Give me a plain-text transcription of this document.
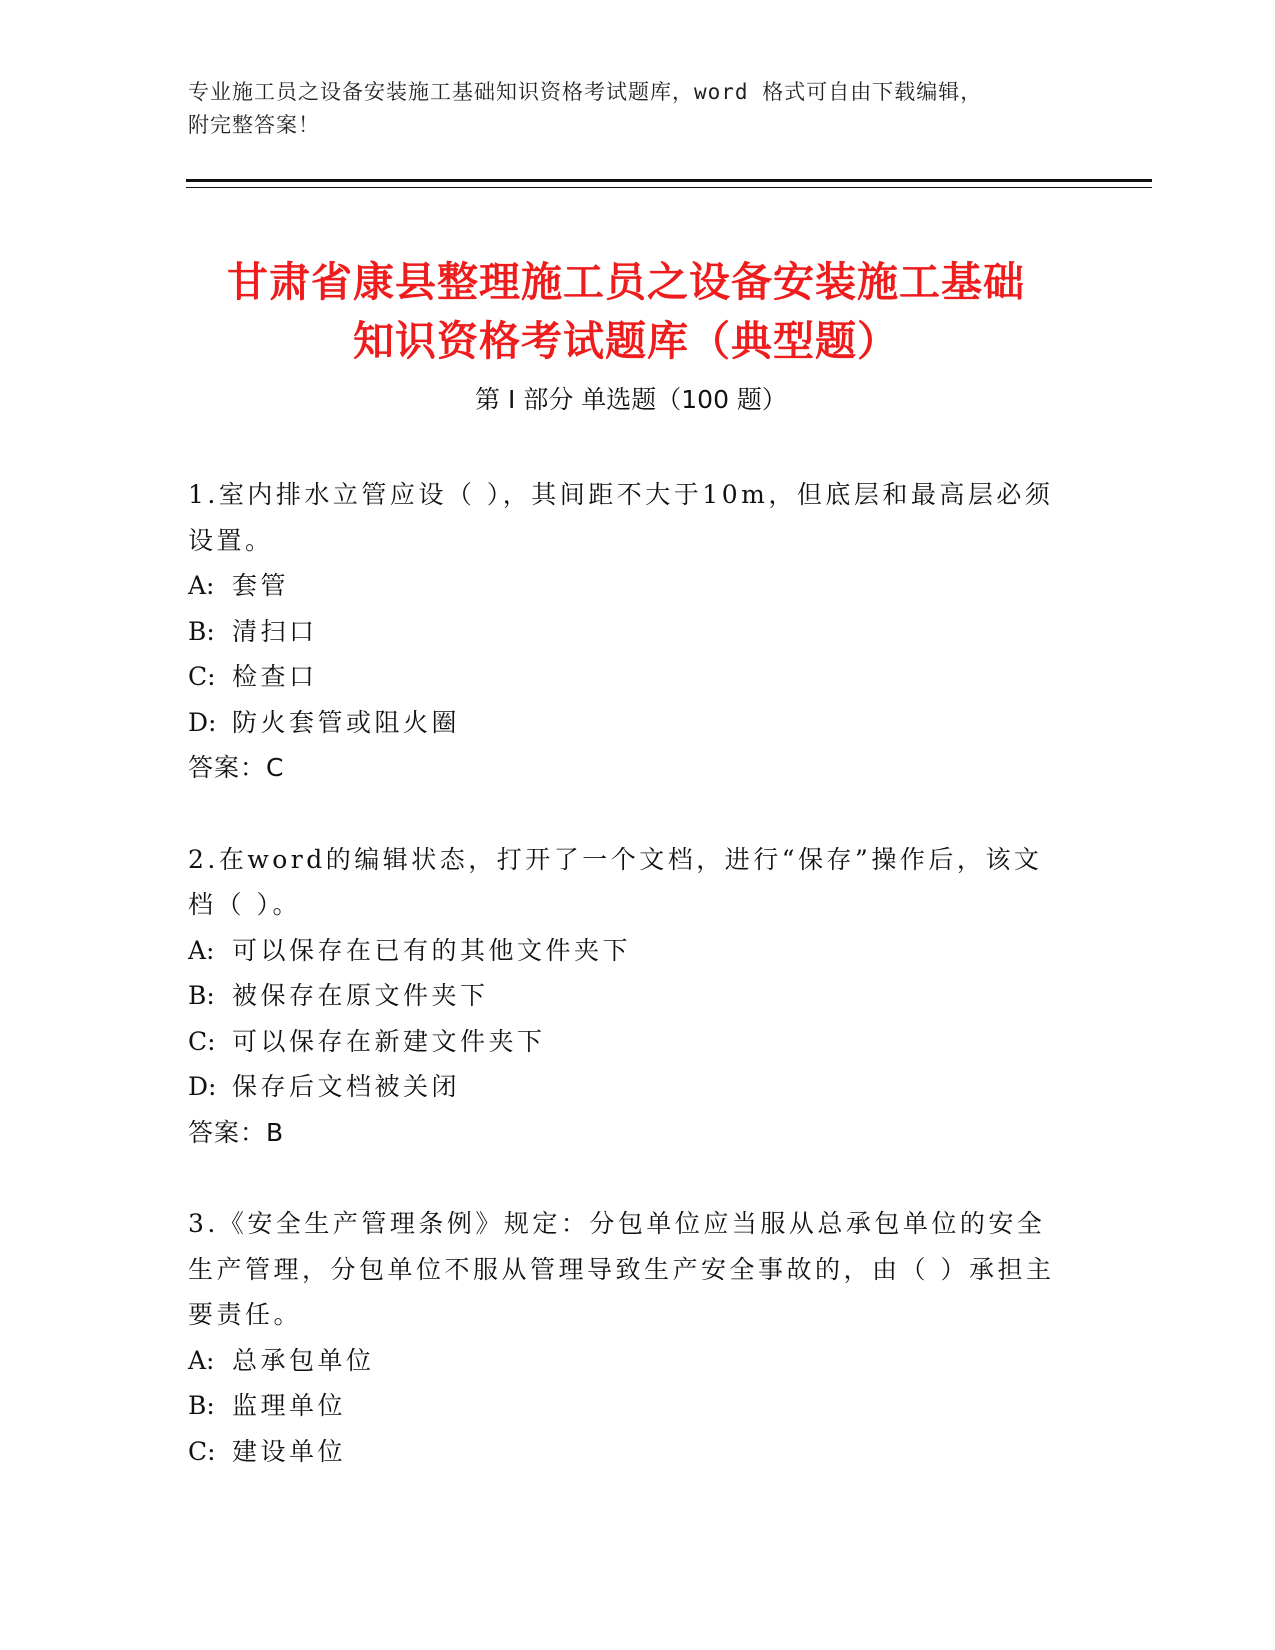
专业施工员之设备安装施工基础知识资格考试题库，word 格式可自由下载编辑，
附完整答案！
甘肃省康县整理施工员之设备安装施工基础
知识资格考试题库（典型题）
第 I 部分 单选题（100 题）

1.室内排水立管应设（ ），其间距不大于10m，但底层和最高层必须

设置。

A: 套管

B: 清扫口

C: 检查口

D: 防火套管或阻火圈

答案：C

2.在word的编辑状态，打开了一个文档，进行“保存”操作后，该文

档（ ）。

A: 可以保存在已有的其他文件夹下

B: 被保存在原文件夹下

C: 可以保存在新建文件夹下

D: 保存后文档被关闭

答案：B

3.《安全生产管理条例》规定：分包单位应当服从总承包单位的安全

生产管理，分包单位不服从管理导致生产安全事故的，由（ ）承担主

要责任。

A: 总承包单位

B: 监理单位

C: 建设单位
